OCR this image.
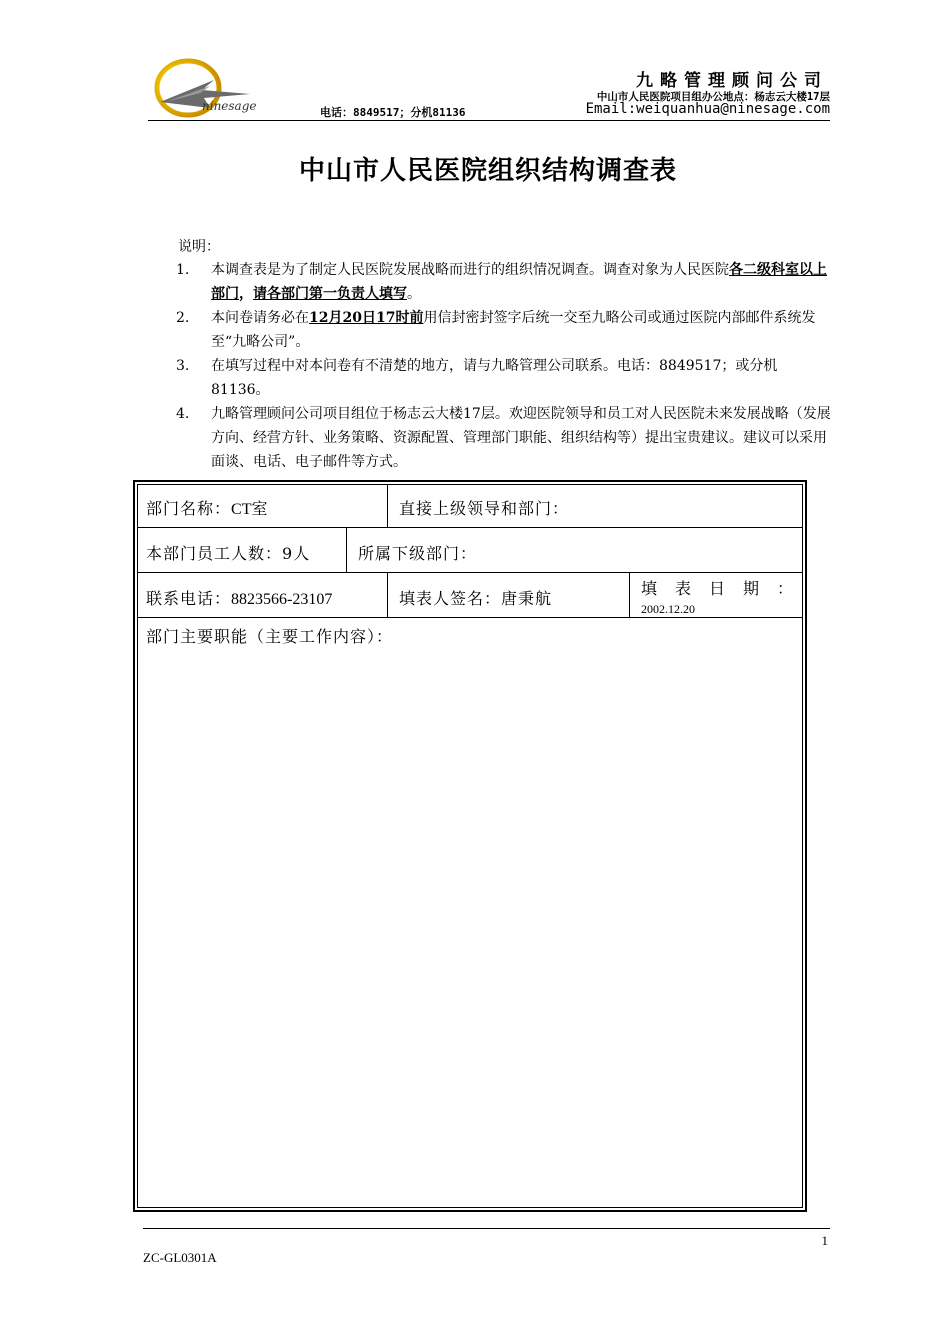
ninesage
九略管理顾问公司
中山市人民医院项目组办公地点：杨志云大楼17层
电话：8849517；分机81136	Email:weiquanhua@ninesage.com
中山市人民医院组织结构调查表
说明：
1. 本调查表是为了制定人民医院发展战略而进行的组织情况调查。调查对象为人民医院各二级科室以上部门，请各部门第一负责人填写。
2. 本问卷请务必在12月20日17时前用信封密封签字后统一交至九略公司或通过医院内部邮件系统发至“九略公司”。
3. 在填写过程中对本问卷有不清楚的地方，请与九略管理公司联系。电话：8849517；或分机81136。
4. 九略管理顾问公司项目组位于杨志云大楼17层。欢迎医院领导和员工对人民医院未来发展战略（发展方向、经营方针、业务策略、资源配置、管理部门职能、组织结构等）提出宝贵建议。建议可以采用面谈、电话、电子邮件等方式。
部门名称：CT室	直接上级领导和部门：
本部门员工人数：9人	所属下级部门：
联系电话：8823566-23107	填表人签名：唐秉航
填表日期：
2002.12.20
部门主要职能（主要工作内容）：
1
ZC-GL0301A
